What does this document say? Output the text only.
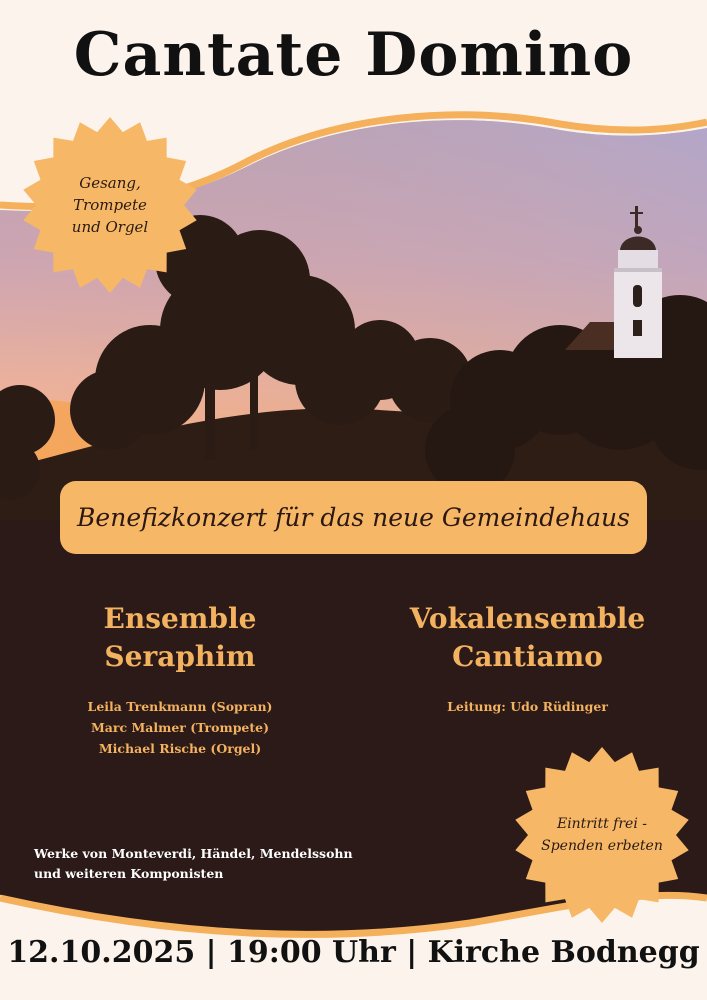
Cantate Domino
Gesang,
Trompete
und Orgel
Benefizkonzert für das neue Gemeindehaus
Ensemble
Seraphim
Leila Trenkmann (Sopran)
Marc Malmer (Trompete)
Michael Rische (Orgel)
Vokalensemble
Cantiamo
Leitung: Udo Rüdinger
Werke von Monteverdi, Händel, Mendelssohn
und weiteren Komponisten
Eintritt frei -
Spenden erbeten
12.10.2025 | 19:00 Uhr | Kirche Bodnegg
